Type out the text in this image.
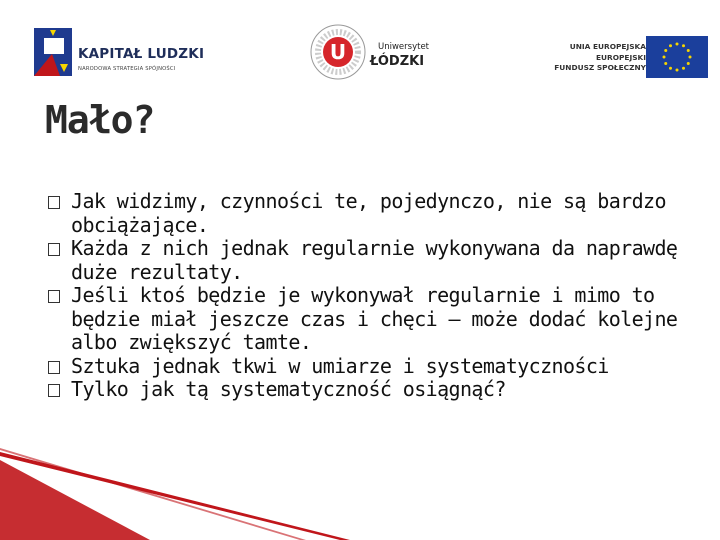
KAPITAŁ LUDZKI
NARODOWA STRATEGIA SPÓJNOŚCI
U	Uniwersytet
ŁÓDZKI
UNIA EUROPEJSKA
EUROPEJSKI
FUNDUSZ SPOŁECZNY
Mało?
Jak widzimy, czynności te, pojedynczo, nie są bardzo obciążające.
Każda z nich jednak regularnie wykonywana da naprawdę duże rezultaty.
Jeśli ktoś będzie je wykonywał regularnie i mimo to będzie miał jeszcze czas i chęci – może dodać kolejne albo zwiększyć tamte.
Sztuka jednak tkwi w umiarze i systematyczności
Tylko jak tą systematyczność osiągnąć?
